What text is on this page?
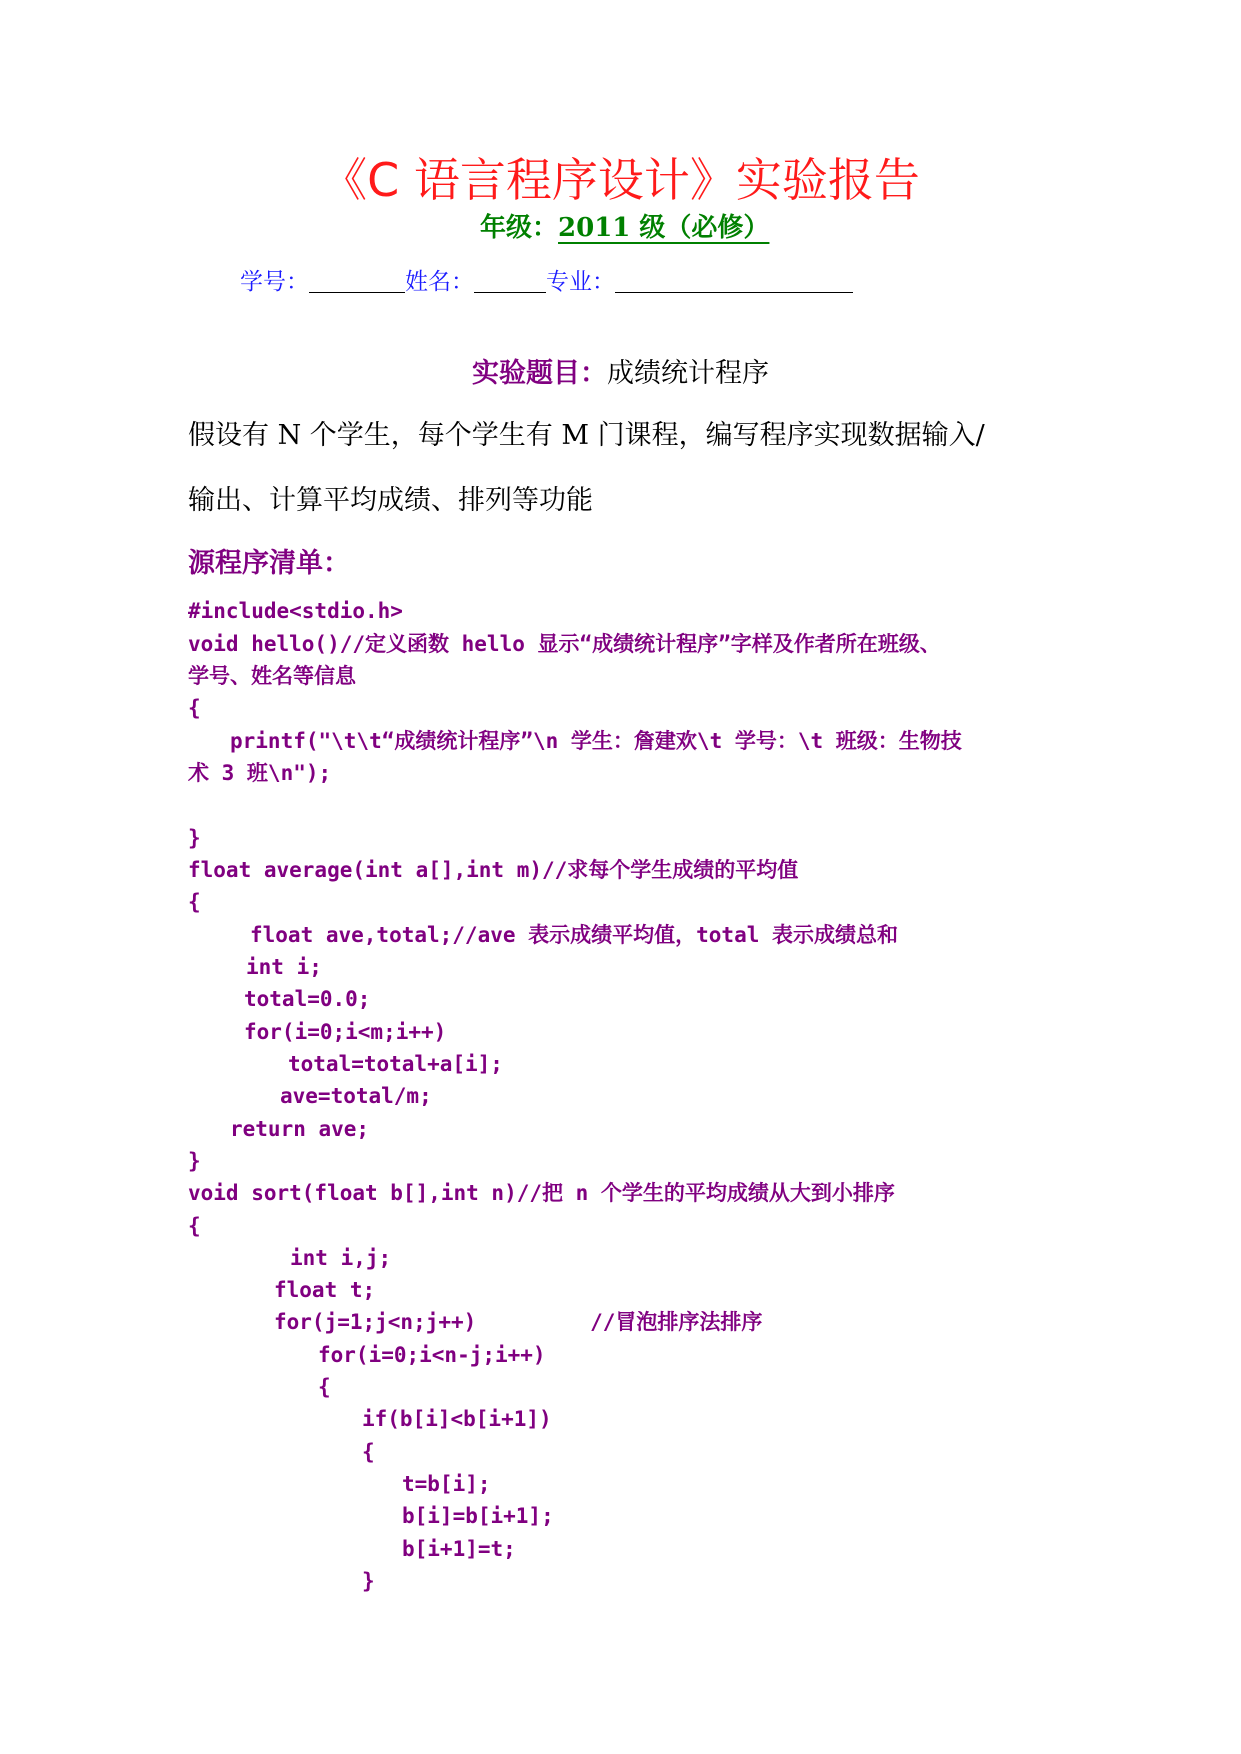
《C 语言程序设计》实验报告
年级：2011 级（必修）
学号：	姓名：	专业：
实验题目：成绩统计程序
假设有 N 个学生，每个学生有 M 门课程，编写程序实现数据输入/
输出、计算平均成绩、排列等功能
源程序清单：
#include<stdio.h>
void hello()//定义函数 hello 显示“成绩统计程序”字样及作者所在班级、
学号、姓名等信息
{
printf("\t\t“成绩统计程序”\n 学生：詹建欢\t 学号：\t 班级：生物技
术 3 班\n");
}
float average(int a[],int m)//求每个学生成绩的平均值
{
float ave,total;//ave 表示成绩平均值，total 表示成绩总和
int i;
total=0.0;
for(i=0;i<m;i++)
total=total+a[i];
ave=total/m;
return ave;
}
void sort(float b[],int n)//把 n 个学生的平均成绩从大到小排序
{
int i,j;
float t;
for(j=1;j<n;j++)         //冒泡排序法排序
for(i=0;i<n-j;i++)
{
if(b[i]<b[i+1])
{
t=b[i];
b[i]=b[i+1];
b[i+1]=t;
}
